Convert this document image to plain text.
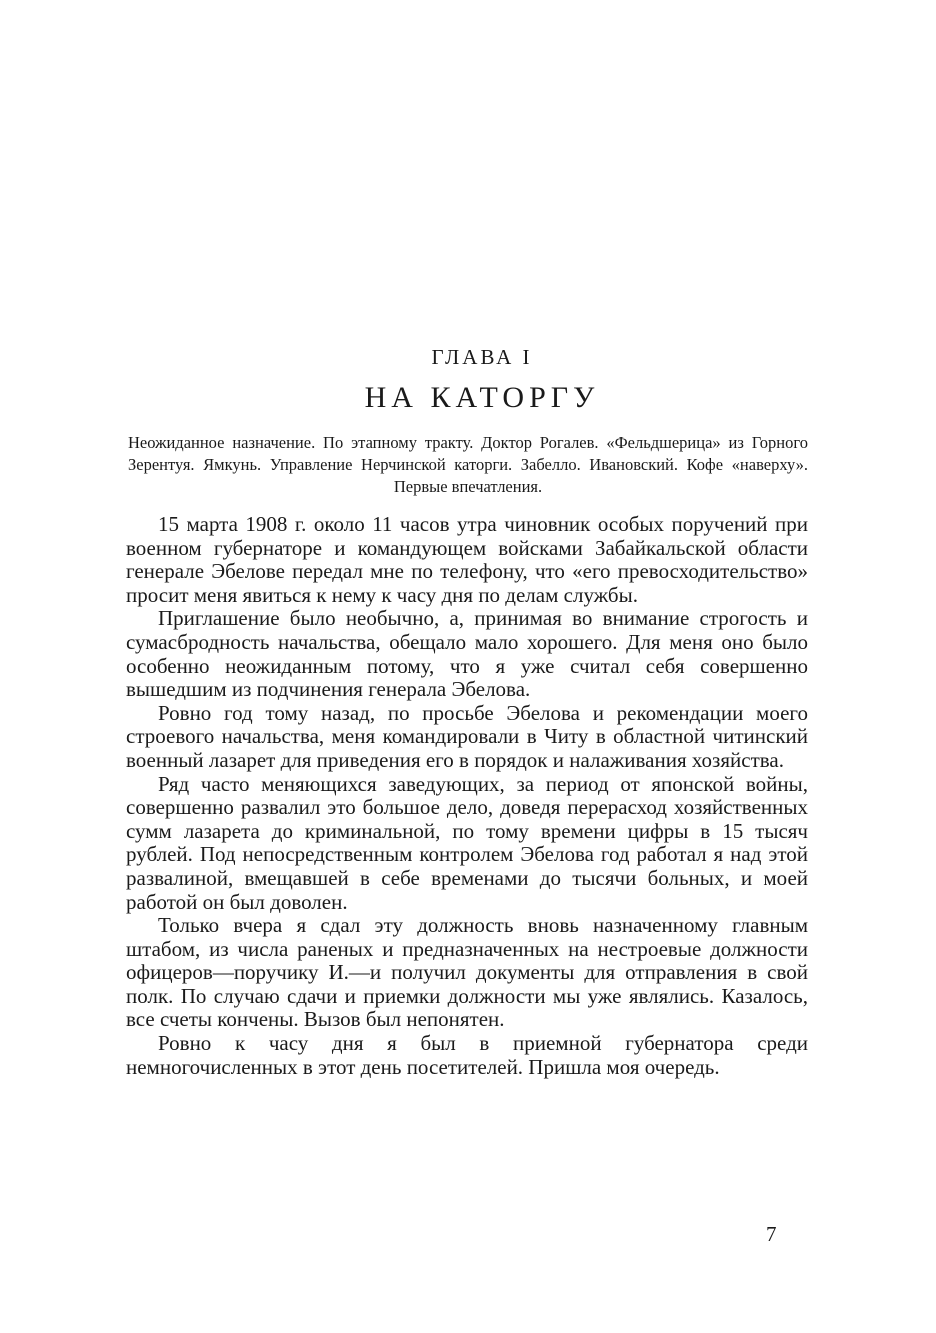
ГЛАВА I
НА КАТОРГУ
Неожиданное назначение. По этапному тракту. Доктор Рогалев. «Фельдшерица» из Горного Зерентуя. Ямкунь. Управление Нерчинской каторги. Забелло. Ивановский. Кофе «наверху». Первые впечатления.

15 марта 1908 г. около 11 часов утра чиновник особых поручений при военном губернаторе и командующем войсками Забайкальской области генерале Эбелове передал мне по телефону, что «его превосходительство» просит меня явиться к нему к часу дня по делам службы.

Приглашение было необычно, а, принимая во внимание строгость и сумасбродность начальства, обещало мало хорошего. Для меня оно было особенно неожиданным потому, что я уже считал себя совершенно вышедшим из подчинения генерала Эбелова.

Ровно год тому назад, по просьбе Эбелова и рекомендации моего строевого начальства, меня командировали в Читу в областной читинский военный лазарет для приведения его в порядок и налаживания хозяйства.

Ряд часто меняющихся заведующих, за период от японской войны, совершенно развалил это большое дело, доведя перерасход хозяйственных сумм лазарета до криминальной, по тому времени цифры в 15 тысяч рублей. Под непосредственным контролем Эбелова год работал я над этой развалиной, вмещавшей в себе временами до тысячи больных, и моей работой он был доволен.

Только вчера я сдал эту должность вновь назначенному главным штабом, из числа раненых и предназначенных на нестроевые должности офицеров—поручику И.—и получил документы для отправления в свой полк. По случаю сдачи и приемки должности мы уже являлись. Казалось, все счеты кончены. Вызов был непонятен.

Ровно к часу дня я был в приемной губернатора среди немногочисленных в этот день посетителей. Пришла моя очередь.

7
